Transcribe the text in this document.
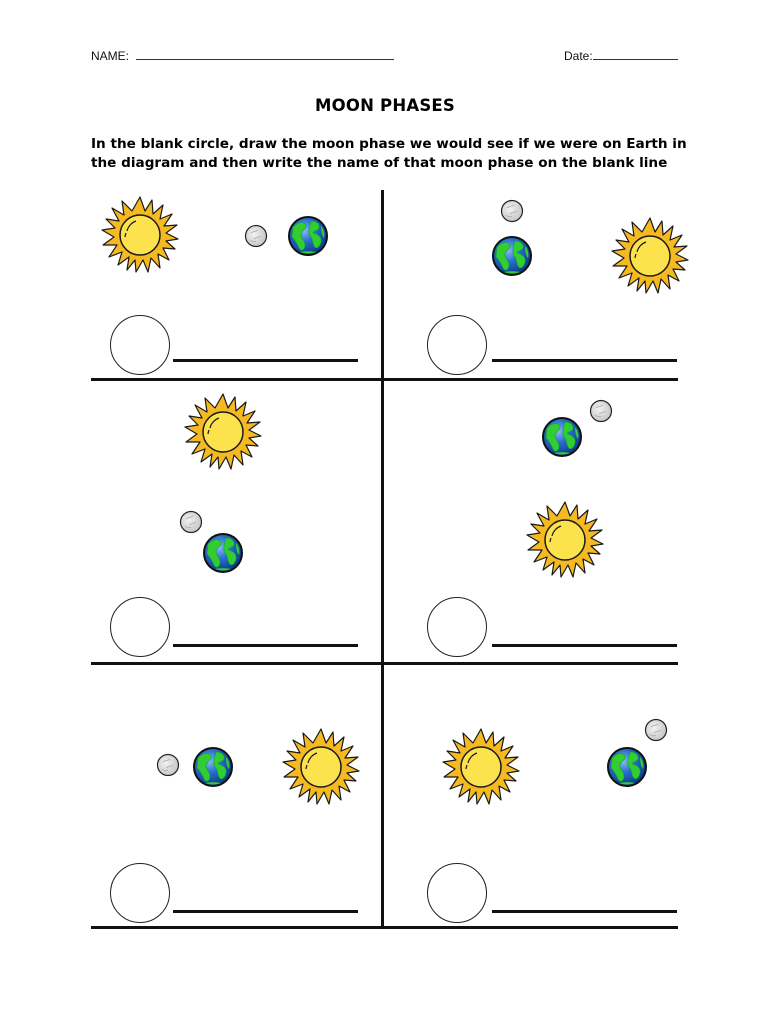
NAME:	Date:
MOON PHASES
In the blank circle, draw the moon phase we would see if we were on Earth in the diagram and then write the name of that moon phase on the blank line
